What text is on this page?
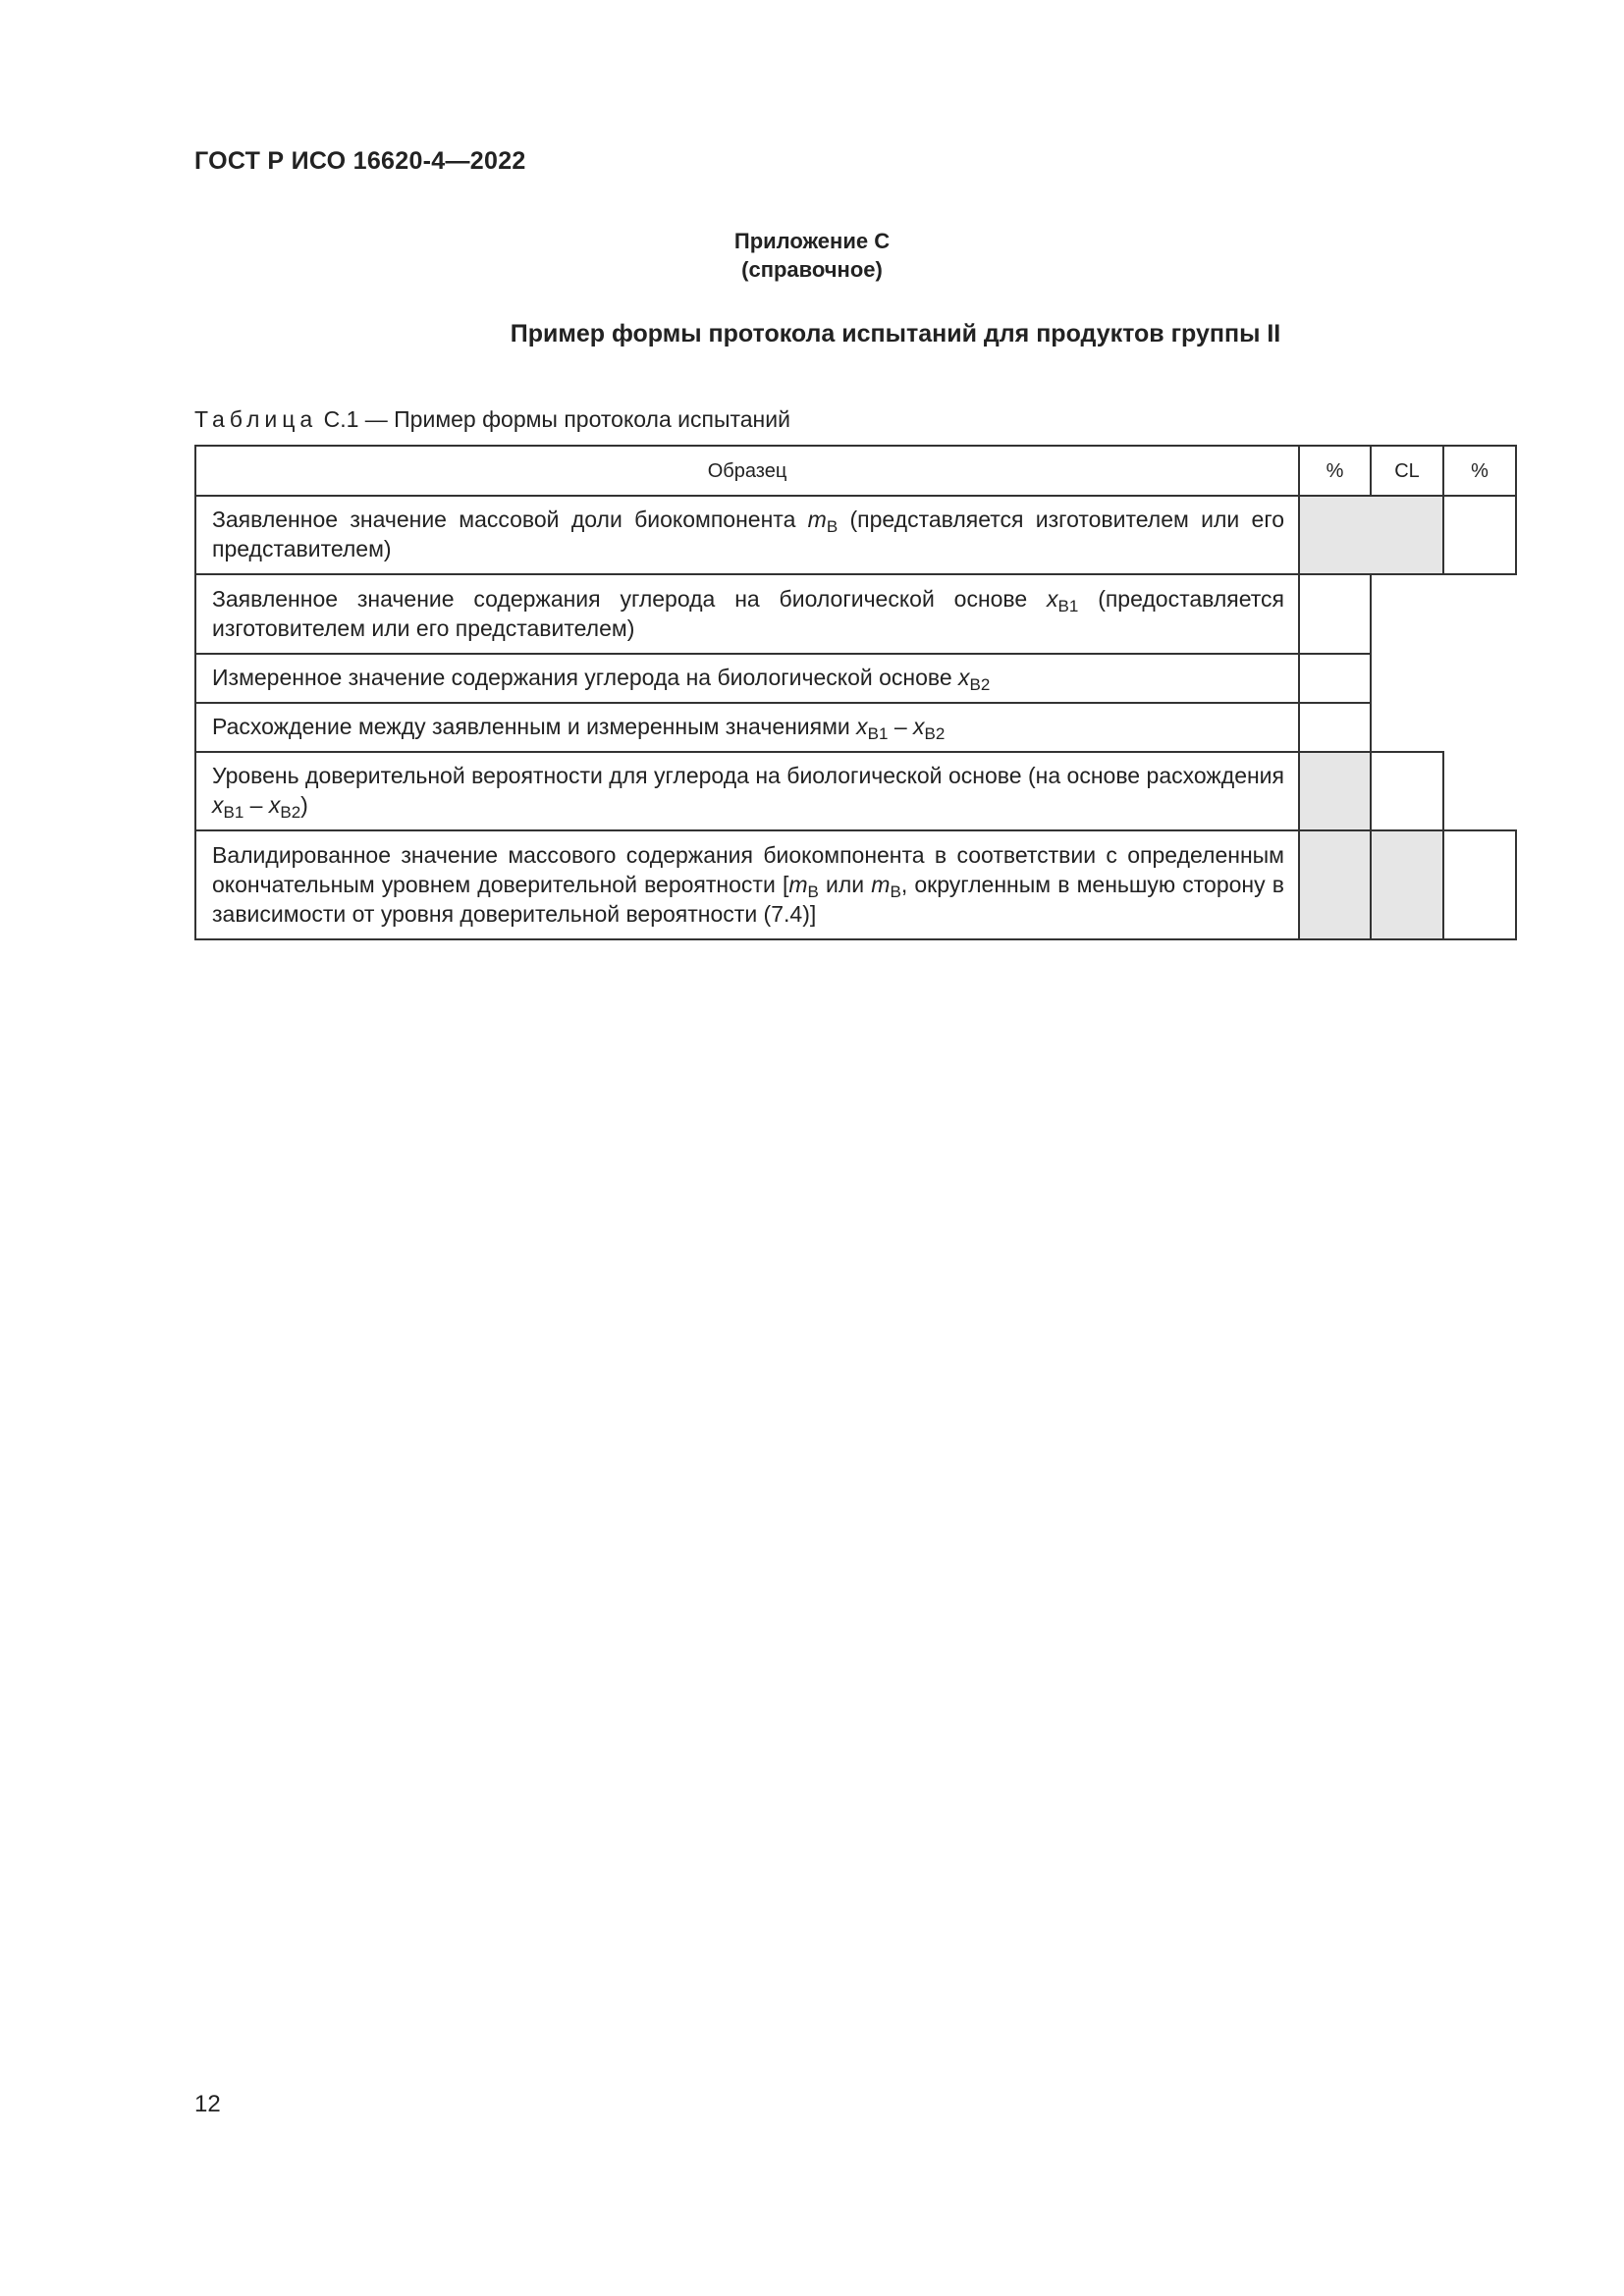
ГОСТ Р ИСО 16620-4—2022
Приложение С
(справочное)
Пример формы протокола испытаний для продуктов группы II
Таблица С.1 — Пример формы протокола испытаний
Образец	%	CL	%
Заявленное значение массовой доли биокомпонента $m_B$ (представляется изготовителем или его представителем)			
Заявленное значение содержания углерода на биологической основе $x_{B1}$ (предоставляется изготовителем или его представителем)			
Измеренное значение содержания углерода на биологической основе $x_{B2}$	
Расхождение между заявленным и измеренным значениями $x_{B1} - x_{B2}$	
Уровень доверительной вероятности для углерода на биологической основе (на основе расхождения $x_{B1} - x_{B2}$)			
Валидированное значение массового содержания биокомпонента в соответствии с определенным окончательным уровнем доверительной вероятности [$m_B$ или $m_B$, округленным в меньшую сторону в зависимости от уровня доверительной вероятности (7.4)]			
12
